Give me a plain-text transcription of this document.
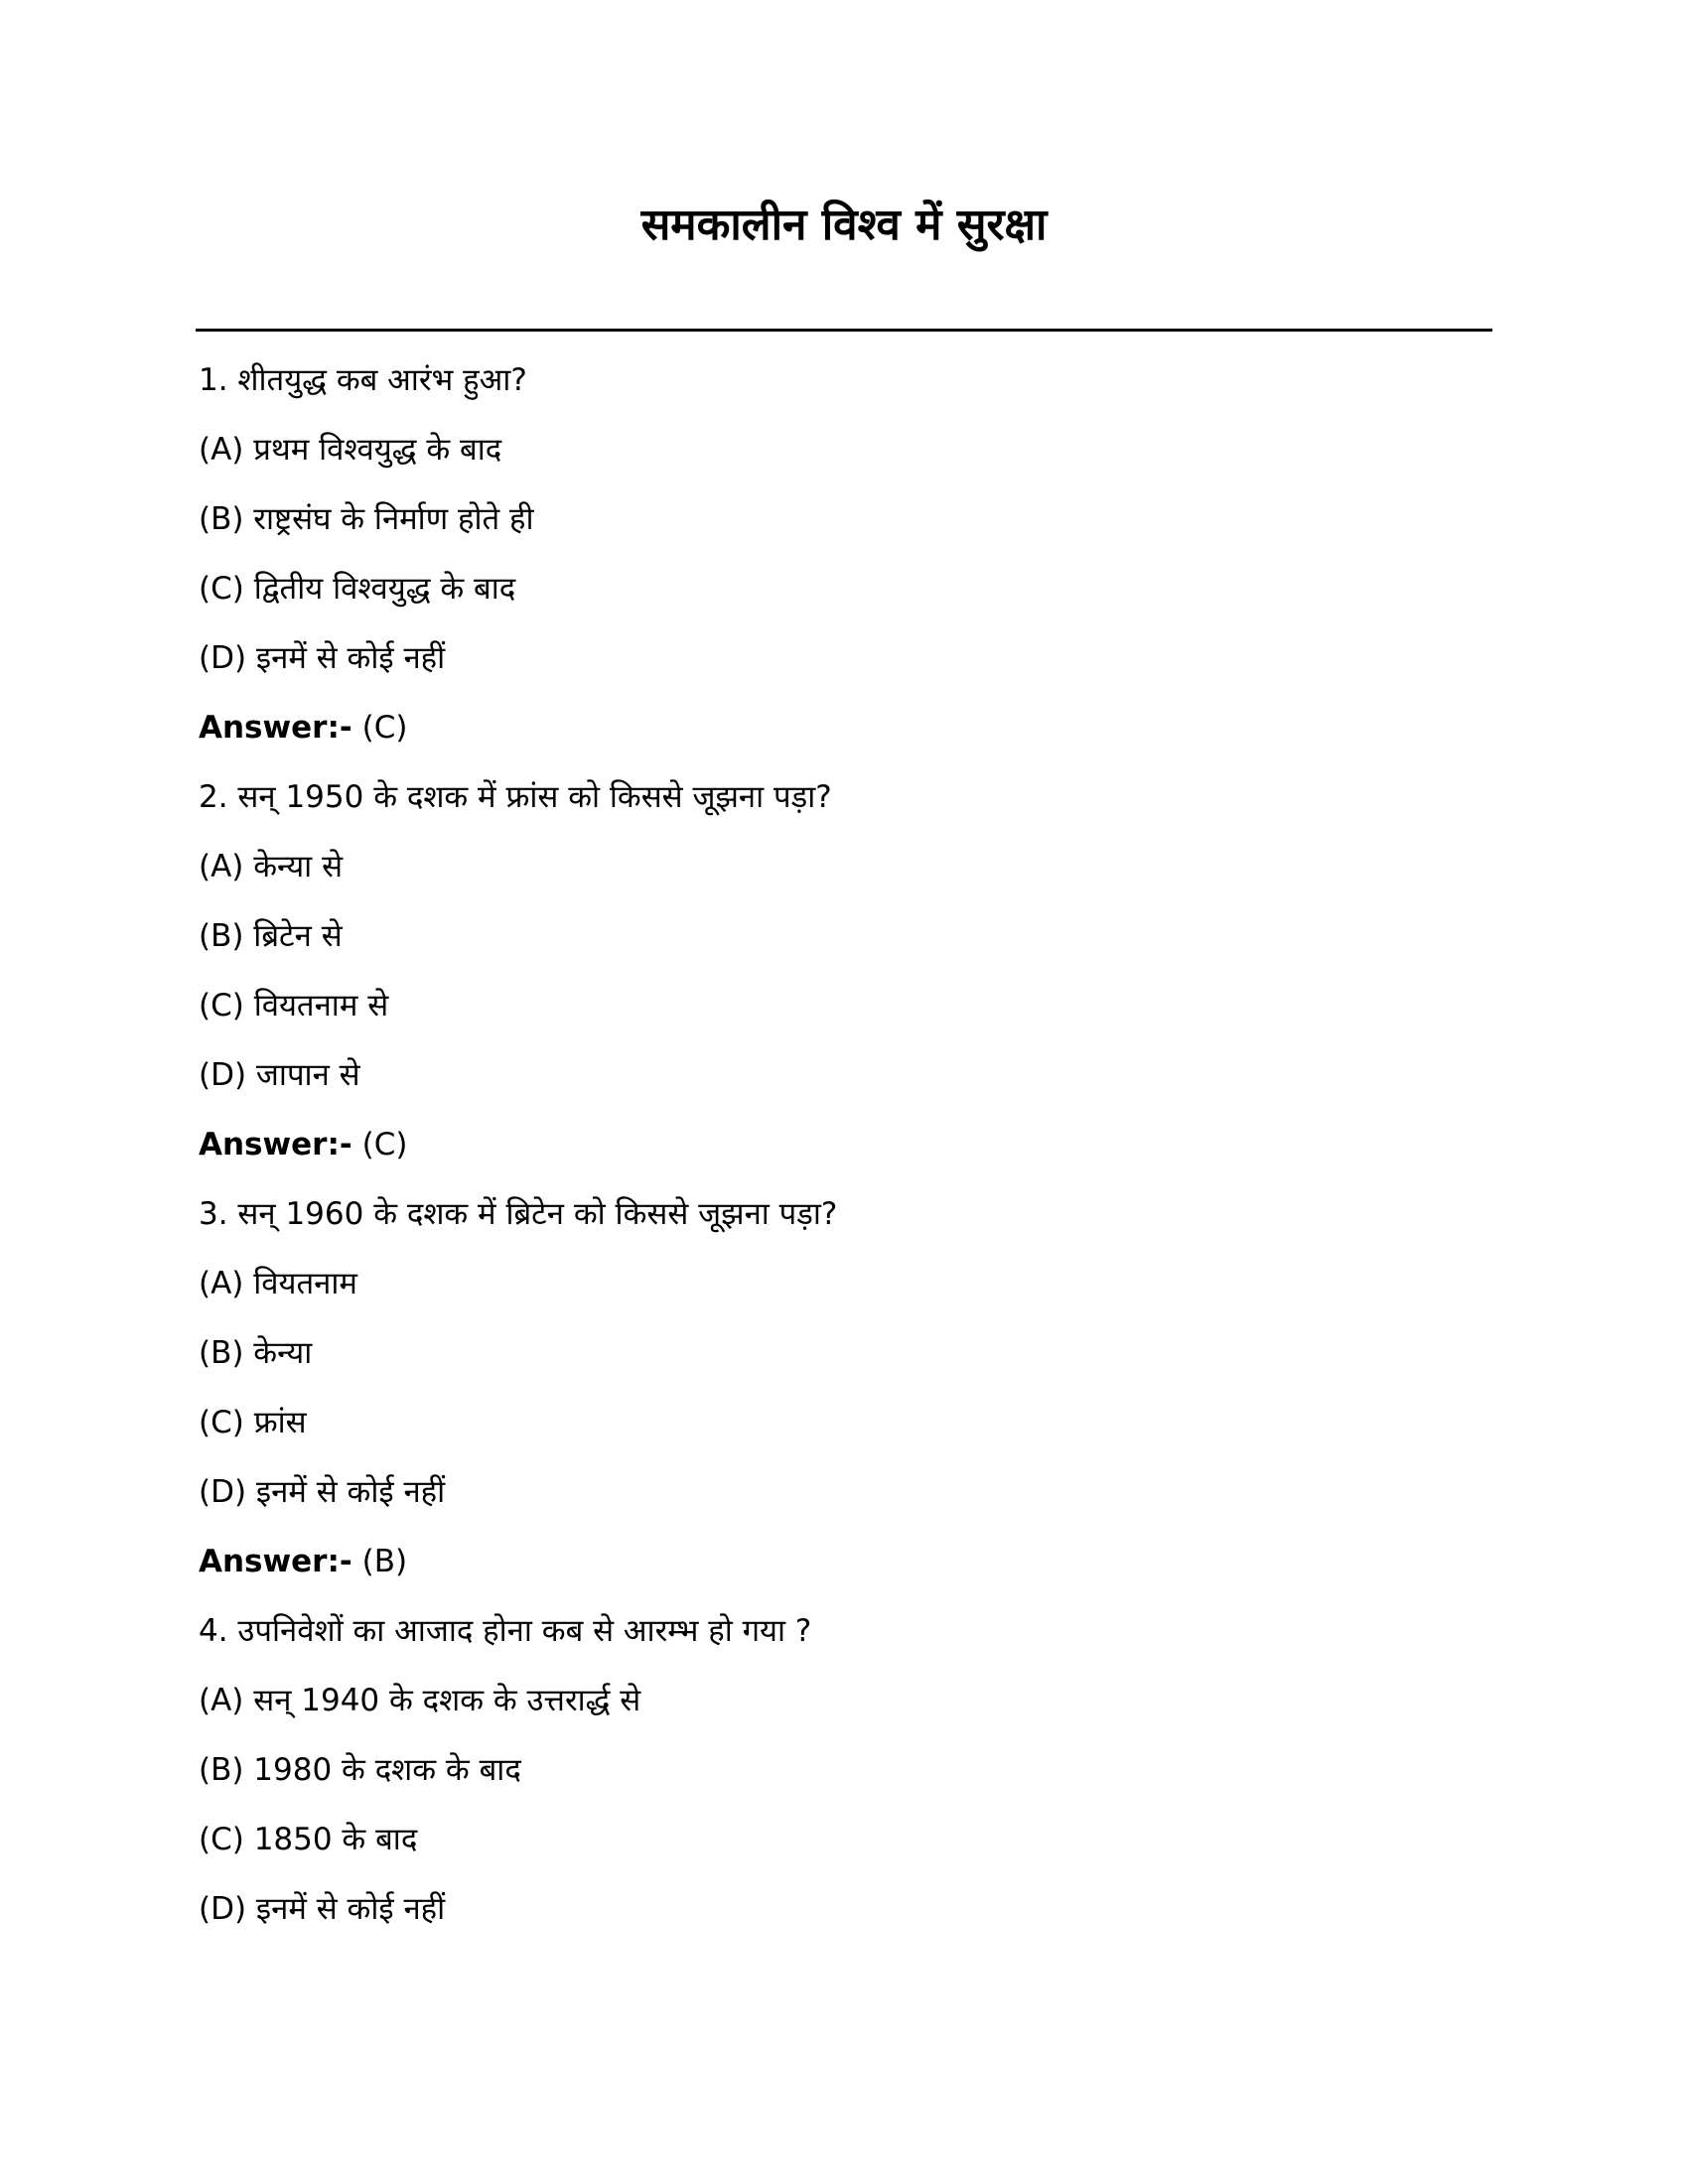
समकालीन विश्व में सुरक्षा
1. शीतयुद्ध कब आरंभ हुआ?
(A) प्रथम विश्वयुद्ध के बाद
(B) राष्ट्रसंघ के निर्माण होते ही
(C) द्वितीय विश्वयुद्ध के बाद
(D) इनमें से कोई नहीं
Answer:- (C)
2. सन् 1950 के दशक में फ्रांस को किससे जूझना पड़ा?
(A) केन्या से
(B) ब्रिटेन से
(C) वियतनाम से
(D) जापान से
Answer:- (C)
3. सन् 1960 के दशक में ब्रिटेन को किससे जूझना पड़ा?
(A) वियतनाम
(B) केन्या
(C) फ्रांस
(D) इनमें से कोई नहीं
Answer:- (B)
4. उपनिवेशों का आजाद होना कब से आरम्भ हो गया ?
(A) सन् 1940 के दशक के उत्तरार्द्ध से
(B) 1980 के दशक के बाद
(C) 1850 के बाद
(D) इनमें से कोई नहीं
